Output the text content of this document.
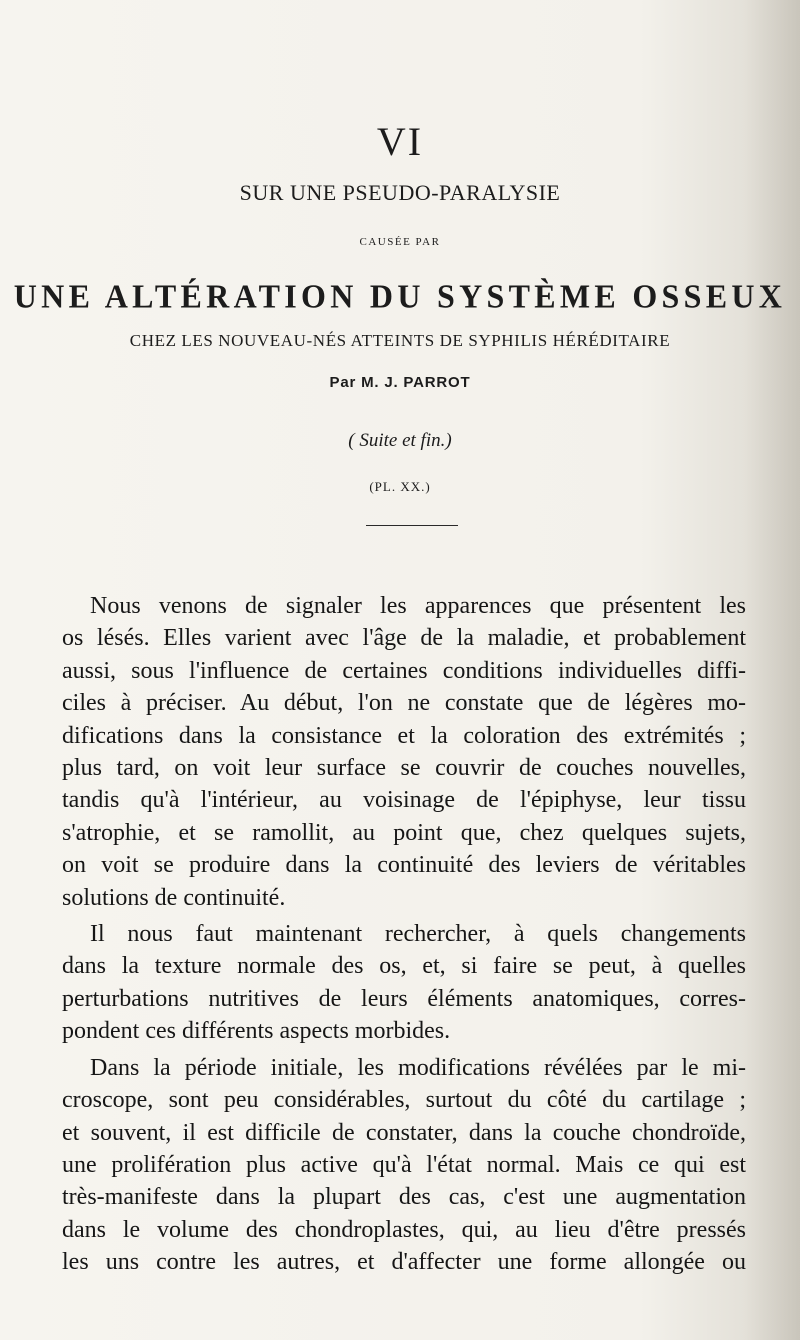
VI
SUR UNE PSEUDO-PARALYSIE
CAUSÉE PAR
UNE ALTÉRATION DU SYSTÈME OSSEUX
CHEZ LES NOUVEAU-NÉS ATTEINTS DE SYPHILIS HÉRÉDITAIRE
Par M. J. PARROT
( Suite et fin.)
(PL. XX.)
Nous venons de signaler les apparences que présentent les
os lésés. Elles varient avec l'âge de la maladie, et probablement
aussi, sous l'influence de certaines conditions individuelles diffi-
ciles à préciser. Au début, l'on ne constate que de légères mo-
difications dans la consistance et la coloration des extrémités ;
plus tard, on voit leur surface se couvrir de couches nouvelles,
tandis qu'à l'intérieur, au voisinage de l'épiphyse, leur tissu
s'atrophie, et se ramollit, au point que, chez quelques sujets,
on voit se produire dans la continuité des leviers de véritables
solutions de continuité.
Il nous faut maintenant rechercher, à quels changements
dans la texture normale des os, et, si faire se peut, à quelles
perturbations nutritives de leurs éléments anatomiques, corres-
pondent ces différents aspects morbides.
Dans la période initiale, les modifications révélées par le mi-
croscope, sont peu considérables, surtout du côté du cartilage ;
et souvent, il est difficile de constater, dans la couche chondroïde,
une prolifération plus active qu'à l'état normal. Mais ce qui est
très-manifeste dans la plupart des cas, c'est une augmentation
dans le volume des chondroplastes, qui, au lieu d'être pressés
les uns contre les autres, et d'affecter une forme allongée ou
